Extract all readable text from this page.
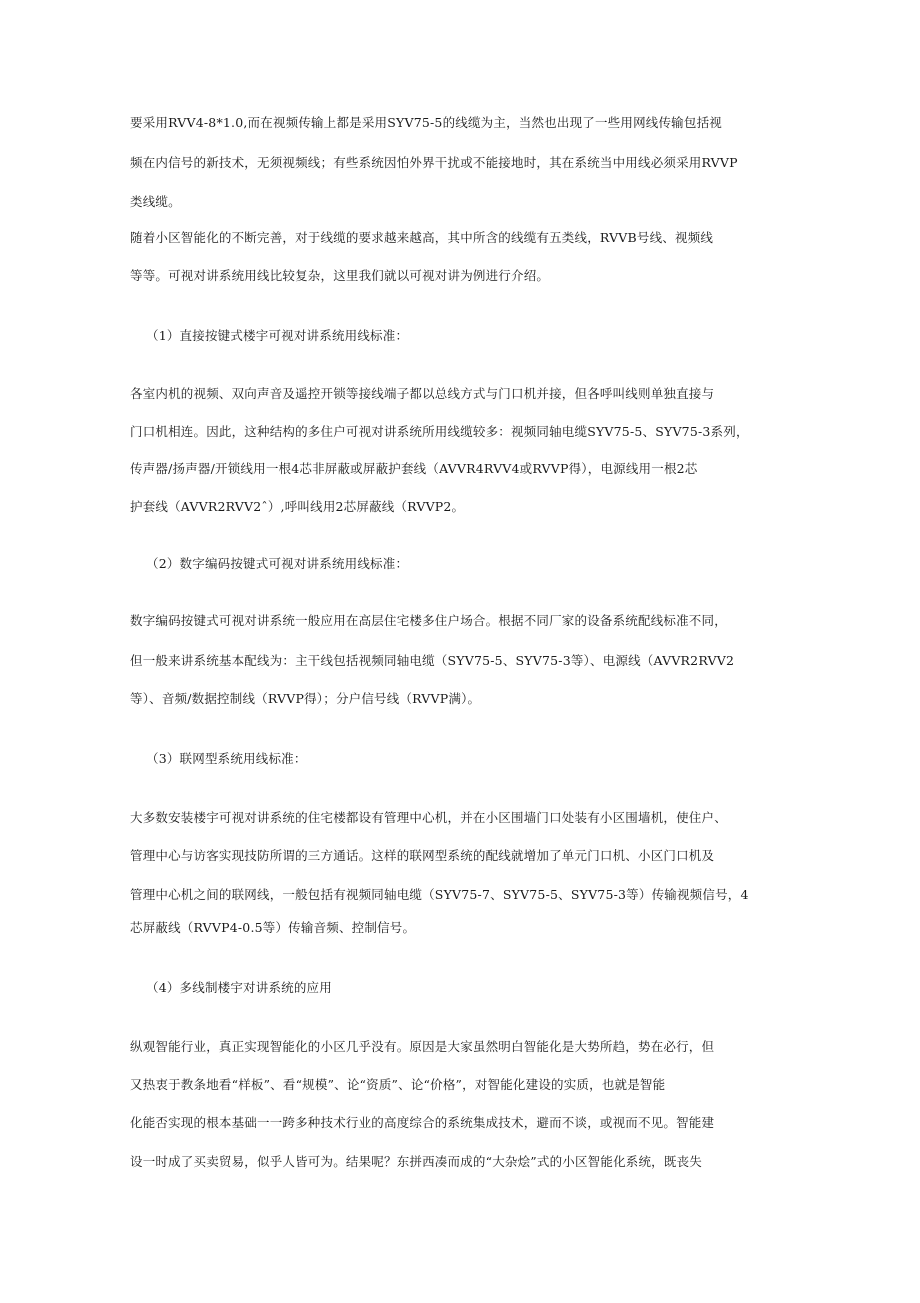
要采用RVV4-8*1.0,而在视频传输上都是采用SYV75-5的线缆为主，当然也出现了一些用网线传输包括视
频在内信号的新技术，无须视频线；有些系统因怕外界干扰或不能接地时，其在系统当中用线必须采用RVVP
类线缆。
随着小区智能化的不断完善，对于线缆的要求越来越高，其中所含的线缆有五类线，RVVB号线、视频线
等等。可视对讲系统用线比较复杂，这里我们就以可视对讲为例进行介绍。
（1）直接按键式楼宇可视对讲系统用线标准：
各室内机的视频、双向声音及遥控开锁等接线端子都以总线方式与门口机并接，但各呼叫线则单独直接与
门口机相连。因此，这种结构的多住户可视对讲系统所用线缆较多：视频同轴电缆SYV75-5、SYV75-3系列，
传声器/扬声器/开锁线用一根4芯非屏蔽或屏蔽护套线（AVVR4RVV4或RVVP得），电源线用一根2芯
护套线（AVVR2RVV2ˆ）,呼叫线用2芯屏蔽线（RVVP2。
（2）数字编码按键式可视对讲系统用线标准：
数字编码按键式可视对讲系统一般应用在高层住宅楼多住户场合。根据不同厂家的设备系统配线标准不同，
但一般来讲系统基本配线为：主干线包括视频同轴电缆（SYV75-5、SYV75-3等）、电源线（AVVR2RVV2
等）、音频/数据控制线（RVVP得）；分户信号线（RVVP满）。
（3）联网型系统用线标准：
大多数安装楼宇可视对讲系统的住宅楼都设有管理中心机，并在小区围墙门口处装有小区围墙机，使住户、
管理中心与访客实现技防所谓的三方通话。这样的联网型系统的配线就增加了单元门口机、小区门口机及
管理中心机之间的联网线，一般包括有视频同轴电缆（SYV75-7、SYV75-5、SYV75-3等）传输视频信号，4
芯屏蔽线（RVVP4-0.5等）传输音频、控制信号。
（4）多线制楼宇对讲系统的应用
纵观智能行业，真正实现智能化的小区几乎没有。原因是大家虽然明白智能化是大势所趋，势在必行，但
又热衷于教条地看“样板”、看“规模”、论“资质”、论“价格”，对智能化建设的实质，也就是智能
化能否实现的根本基础一一跨多种技术行业的高度综合的系统集成技术，避而不谈，或视而不见。智能建
设一时成了买卖贸易，似乎人皆可为。结果呢？东拼西凑而成的“大杂烩”式的小区智能化系统，既丧失
